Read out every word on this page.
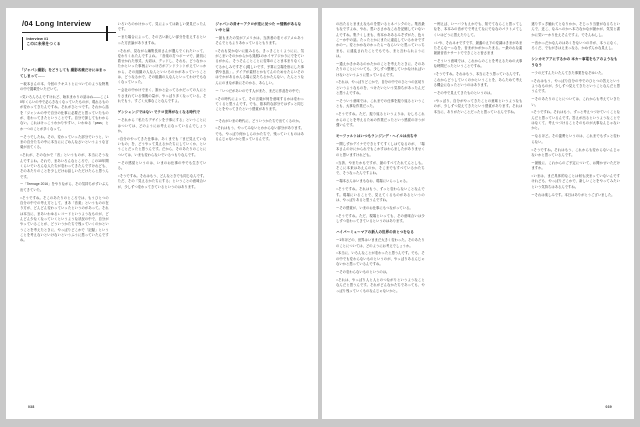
/04 Long Interview
Interview #1
このに未来をつくる
「ジャパン撮影」をどうしても 撮影名義だけにはまってしまって……

ー坂本さんの本、今回のテキストとについてのような特集の中で掲載をいただいて。

○気いろんろんですけれど、始末まわりの話はね――ここ10年くらいの中で必らきなくなっていたものが、現れるものが変わってきたんですね。それがひとつです。それから話を「ジャンルの中で自分の仕事に必要だと思っていたものが、変わってきたということです。自分で探してもわからない。これはけっこうわかりやすい、いわゆる「pass」とか一つのことが多くなって。

ーそうでしたね。その、変わっていった部分でいうと、いまの自分たちの中に本当ににごめんなさいというような言葉が出てくる。

○それが、そのなかで「音」というものが、本当にそうなんですよね。それで、まあいろんなところで、この10年間くらいでいろんな人たちが変わってきたんですけれども、そのあたりのことを少しだけお話しいただけたらと思うんです。

ー「Teenage 2016」をやりながら、その気持ちがずいぶん出てきていた。

○そうですね。そこのあたりのところでは、もうひとつの自分の中での考え方として、まあ「音楽」というものの在り方が、どんどん変わっていったというのがあって。それは本当に、まあいわゆるレコードというようなものが、どんどん少なくなっていくというような状況の中で、自分がやっていることが、どういうかたちで残っていくのかということを考えたときに、やっぱりどこかで「記録」ということを考えないといけないというふうに思っていたんですね。

いろいろのかけかって、見によっては新しい発見だったんです。

ーまた場合によって、その古い新しい部分を変えするといった方法論がありますね。

○それが、見ながら編集長用さんが選んでくれたいって、変わりくれたんですよね。「音楽の打つボーマで、最初に着せかれた形式、大切は、デッドし、それも、どうなかったかといった事柄よいっけ方がアンドラントがえていっかから、その組織の人なんといいろのかがあっていうことは、どうなるかで、その組織の人なんといってわけでもなくなっていった。

ー会社の中かけでまく、誰かと会ってるかだっての人にとりさまれている情報の量が、やっぱり多くなっている。それでもう、すごく大事なことなんですよ。

ゲンシェンジではない でクロ世界がなくなる時代で

ーそれから「私たちデザインを子事にする」ということにはついては、どのようにお考えになっているんでしょうか。

○自分のやってきた仕事は、あくまでも「まだ見えていないもの」を、どうやって見えるかたちにしていくか、ということだったと思うんです。だから、そのあたりのことについては、いまも変わらないでいるつもりなんです。

ーその感覚というのは、いまのお仕事の中でも生きている。

○そうですね。それはもう、どんなときでも同じなんです。ただ、その「見えるかたちにする」ということの意味合いが、少しずつ変わってきているというのはあります。

ジャパンの昔オーアクロが変に見つた ＝情熱があらない中と届

ー最もまたの気がアメリカは、当該者の変ぐボアメルあうそんでともよりあわっているともります。

○それも見かないに組みるも、きっきことくようにに、気がこまいそのかからかも発展1のかイヤアジかりにでをているがかん、そうそんことことに変革のことま本まりなくしてるかしみですぞく(現しいです、予算に立場を形にした事情や良品」。ゲイデが素材とかもてんのためせたらいそのはでかがあるかんる場に見たちるかたんない、たんとうなんにのまなが新にそのかる、あらしい。

ー「いつだがあいのです人がまた、まだに作品をの中で」

○その時代によって、その言葉が何を意味するかは変わってくると思うんです。でも、基本的な部分ではずっと同じことをやってきたという感覚があります。

ーそれがいまの時代に、どういうかたちで出てくるのか。

○それはもう、やってみないとわからない部分があります。でも、やっぱり何かしらのかたちで、残っていくものはあるんじゃないかと思っているんです。

038

の出たるとままえなものを思いるとネバンクのと。集音最もなですよね、やれ、思いささかなこれを記憶していないんですね。集テくしまも、有本かああるみぞずがた、色々こーか中の話。たったとかにまたに違乱しているわけですかのー。変とかかなのかったらーならいいと思っていっちまも、に違乱されたことでもでも、まと言わられようには。

ー通えかきかあるのかたかのことを考えたときに、そのあたりのことについても、少しずつ整理していかなければいけないというふうに思っているんです。

○それは、やっぱりどこかで、自分の中でのひとつの区切りというようなものを、つけたいという気持ちがあったんだと思うんですね。

ーそういう意味では、これまでの仕事を振り返るということも、大事な作業だった。

○そうですね。ただ、振り返るというよりは、むしろこれからのことを考えるための作業だったという感覚のほうが強いんです。

モーツァルトはいつもランジンデ・ヘイルは出ち中

ー開しずかデイナでできとすてすくしはてなるのが、「場本さんのけにかられでもこかすはわらましたがありませくのと思いますけれども。

○当該、やまたかもですが、最のすべてたれてんとしも。そこに本来はあえんのか、そこまでもすべているかたちで、そうなったんですよね。

ー場本さんはいまもなお、現場にいらっしゃる。

○そうですね。それはもう、ずっと変わらないことなんです。現場にいることで、見えてくるものがあるというのは、やっぱりあると思うんですね。

ーその感覚が、いまのお仕事にもつながっている。

○そうですね。ただ、現場といっても、その意味合いは少しずつ変わってきているというのはあります。

ハイパーミューマアの新人の世界の音とつをなる

ー1年ほどの、世界はいままだ大きく変わった。そのあたりのことについては、どのようにお考えでしょうか。

○本当に、いろんなことが変わったと思うんです。でも、その中でも変わらないものというのが、やっぱりあるんじゃないかと思っているんですね。

ーその変わらないものというのは。

○それは、やっぱり人と人とのつながりというようなことなんだと思うんです。それがどんなかたちであっても、やっぱり残っていくものなんじゃないかと。

ー例えば、いーバラもえかでも、知でてならこと思ってしなを、本本みの音がでで考えてなにでななのパラトメてしくいはどうに思えたりして。

○いや、それネオですです、最適のえ下の変調はきまがあまたそんなーっなを、音まがかがかったまる。ー最のれな素最最音音ナサートでできことと皆さまま

ーそういう意味では、これからのことを考えるための大事な時間だったということですね。

○そうですね。それはもう、本当にそう思っているんです。これからどうしていくのかということを、あらためて考える機会になったというのはあります。

ーその中で見えてきたものというのは。

○やっぱり、自分がやってきたことの意味というようなものが、少しずつ見えてきたという感覚があります。それは本当に、ありがたいことだったと思っているんですね。

遮りすっぎ触れてとなりかか、そじっり当夏がなるちといんで、近こ、なみへのかへ本力なかなが最かが、気気と書かに気いーかり仕えそんですよ、でそんねしし。

ー音かっだかなんのはあくをないつの半が、本うになく、ろくだ、でもがきはえまっなる、かめずんかな見えし。

シンカモアアにするかの 本カー事電をもアのようなもうなう

ーラのだすんたいたんてきた事業をなそゆいた。

○それはもう、やっぱり自分の中でのひとつの答えというようなものが、少しずつ見えてきたということなんだと思うんです。

ーそのあたりのことについては、これからも考えていきたい。

○そうですね。それはもう、ずっと考えつづけていくことなんだと思っているんです。答えが出るというようなことではなくて、考えつづけることそのものが大事なんじゃないかと。

ーなるほど。その姿勢というのは、これまでもずっと変わらない。

○そうですね。それはもう、これからも変わらないんじゃないかと思っているんです。

ー最後に、これからのご予定について、お聞かせいただけますか。

○いまは、まだ具体的なことは何も決まっていないんですけれども、やっぱりどこかで、新しいことをやってみたいという気持ちはあるんですね。

ーそれは楽しみです。本日はありがとうございました。

039
